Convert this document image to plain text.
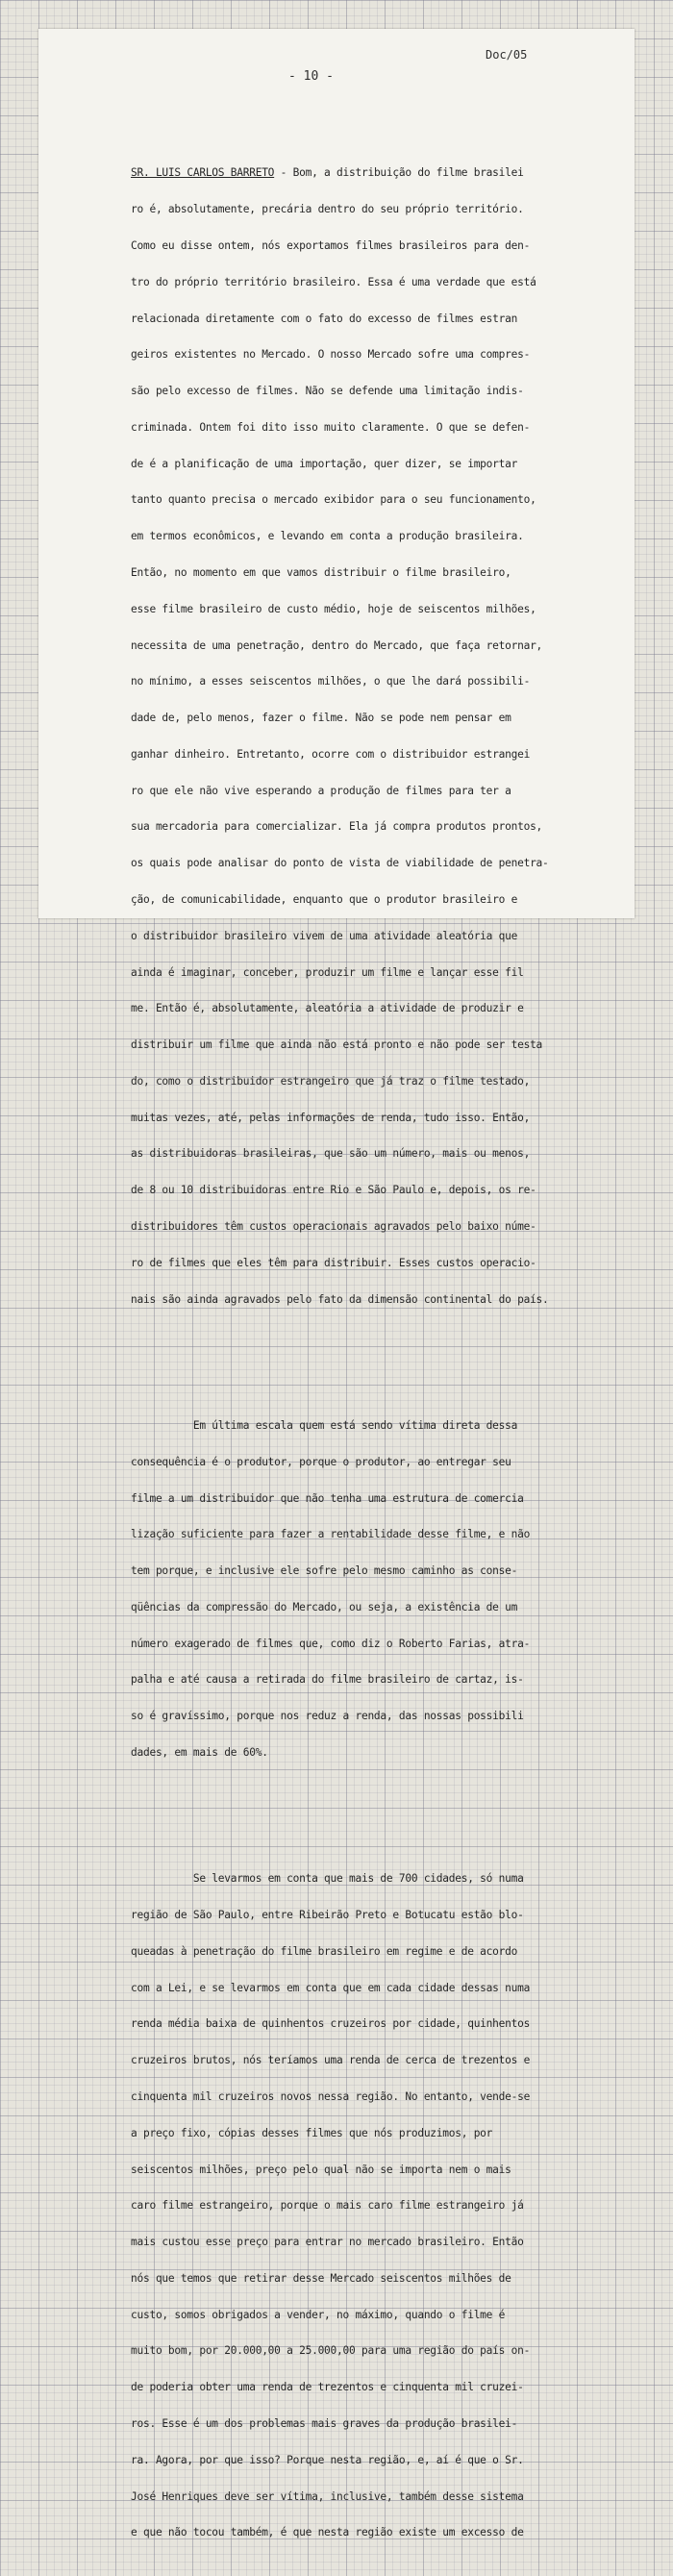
Doc/05
- 10 -

SR. LUIS CARLOS BARRETO - Bom, a distribuição do filme brasilei

ro é, absolutamente, precária dentro do seu próprio território.

Como eu disse ontem, nós exportamos filmes brasileiros para den-

tro do próprio território brasileiro. Essa é uma verdade que está

relacionada diretamente com o fato do excesso de filmes estran

geiros existentes no Mercado. O nosso Mercado sofre uma compres-

são pelo excesso de filmes. Não se defende uma limitação indis-

criminada. Ontem foi dito isso muito claramente. O que se defen-

de é a planificação de uma importação, quer dizer, se importar

tanto quanto precisa o mercado exibidor para o seu funcionamento,

em termos econômicos, e levando em conta a produção brasileira.

Então, no momento em que vamos distribuir o filme brasileiro,

esse filme brasileiro de custo médio, hoje de seiscentos milhões,

necessita de uma penetração, dentro do Mercado, que faça retornar,

no mínimo, a esses seiscentos milhões, o que lhe dará possibili-

dade de, pelo menos, fazer o filme. Não se pode nem pensar em

ganhar dinheiro. Entretanto, ocorre com o distribuidor estrangei

ro que ele não vive esperando a produção de filmes para ter a

sua mercadoria para comercializar. Ela já compra produtos prontos,

os quais pode analisar do ponto de vista de viabilidade de penetra-

ção, de comunicabilidade, enquanto que o produtor brasileiro e

o distribuidor brasileiro vivem de uma atividade aleatória que

ainda é imaginar, conceber, produzir um filme e lançar esse fil

me. Então é, absolutamente, aleatória a atividade de produzir e

distribuir um filme que ainda não está pronto e não pode ser testa

do, como o distribuidor estrangeiro que já traz o filme testado,

muitas vezes, até, pelas informações de renda, tudo isso. Então,

as distribuidoras brasileiras, que são um número, mais ou menos,

de 8 ou 10 distribuidoras entre Rio e São Paulo e, depois, os re-

distribuidores têm custos operacionais agravados pelo baixo núme-

ro de filmes que eles têm para distribuir. Esses custos operacio-

nais são ainda agravados pelo fato da dimensão continental do país.

Em última escala quem está sendo vítima direta dessa

consequência é o produtor, porque o produtor, ao entregar seu

filme a um distribuidor que não tenha uma estrutura de comercia

lização suficiente para fazer a rentabilidade desse filme, e não

tem porque, e inclusive ele sofre pelo mesmo caminho as conse-

qüências da compressão do Mercado, ou seja, a existência de um

número exagerado de filmes que, como diz o Roberto Farias, atra-

palha e até causa a retirada do filme brasileiro de cartaz, is-

so é gravíssimo, porque nos reduz a renda, das nossas possibili

dades, em mais de 60%.

Se levarmos em conta que mais de 700 cidades, só numa

região de São Paulo, entre Ribeirão Preto e Botucatu estão blo-

queadas à penetração do filme brasileiro em regime e de acordo

com a Lei, e se levarmos em conta que em cada cidade dessas numa

renda média baixa de quinhentos cruzeiros por cidade, quinhentos

cruzeiros brutos, nós teríamos uma renda de cerca de trezentos e

cinquenta mil cruzeiros novos nessa região. No entanto, vende-se

a preço fixo, cópias desses filmes que nós produzimos, por

seiscentos milhões, preço pelo qual não se importa nem o mais

caro filme estrangeiro, porque o mais caro filme estrangeiro já

mais custou esse preço para entrar no mercado brasileiro. Então

nós que temos que retirar desse Mercado seiscentos milhões de

custo, somos obrigados a vender, no máximo, quando o filme é

muito bom, por 20.000,00 a 25.000,00 para uma região do país on-

de poderia obter uma renda de trezentos e cinquenta mil cruzei-

ros. Esse é um dos problemas mais graves da produção brasilei-

ra. Agora, por que isso? Porque nesta região, e, aí é que o Sr.

José Henriques deve ser vítima, inclusive, também desse sistema

e que não tocou também, é que nesta região existe um excesso de
